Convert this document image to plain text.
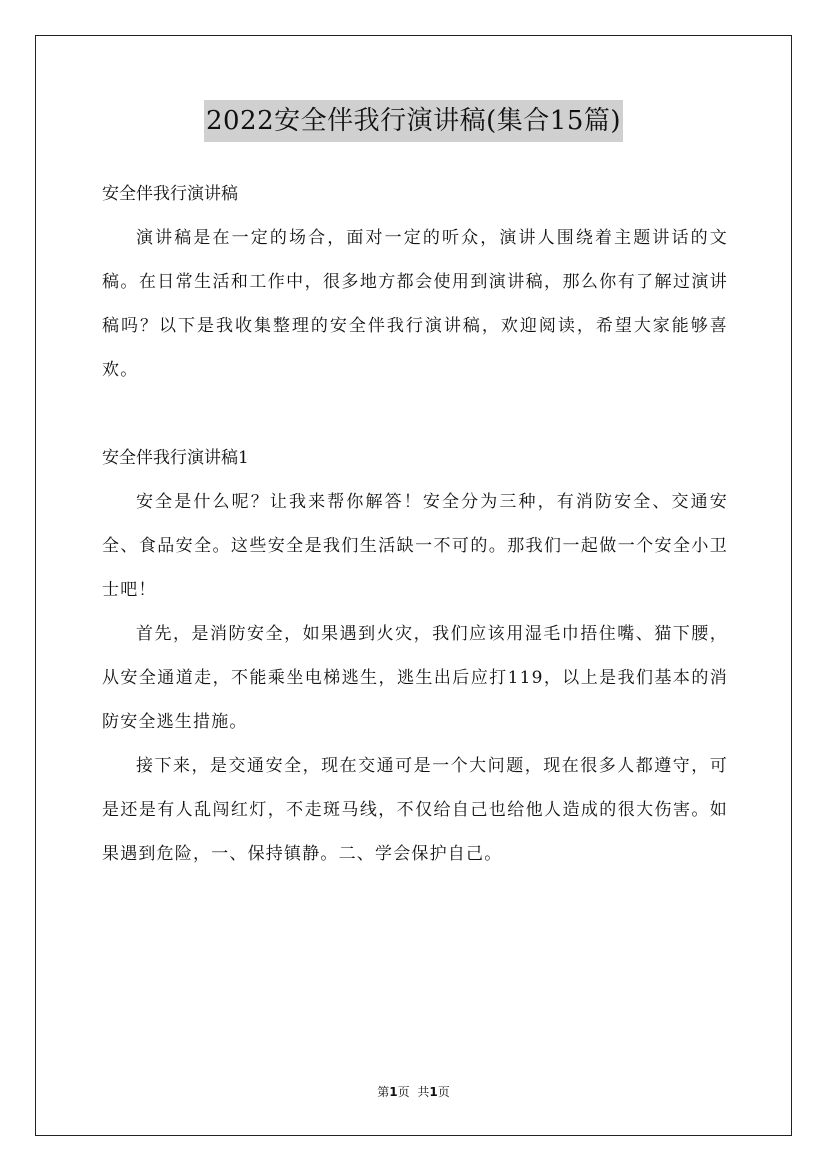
2022安全伴我行演讲稿(集合15篇)

安全伴我行演讲稿

演讲稿是在一定的场合，面对一定的听众，演讲人围绕着主题讲话的文稿。在日常生活和工作中，很多地方都会使用到演讲稿，那么你有了解过演讲稿吗？以下是我收集整理的安全伴我行演讲稿，欢迎阅读，希望大家能够喜欢。

安全伴我行演讲稿1

安全是什么呢？让我来帮你解答！安全分为三种，有消防安全、交通安全、食品安全。这些安全是我们生活缺一不可的。那我们一起做一个安全小卫士吧！

首先，是消防安全，如果遇到火灾，我们应该用湿毛巾捂住嘴、猫下腰，从安全通道走，不能乘坐电梯逃生，逃生出后应打119，以上是我们基本的消防安全逃生措施。

接下来，是交通安全，现在交通可是一个大问题，现在很多人都遵守，可是还是有人乱闯红灯，不走斑马线，不仅给自己也给他人造成的很大伤害。如果遇到危险，一、保持镇静。二、学会保护自己。

第1页 共1页
